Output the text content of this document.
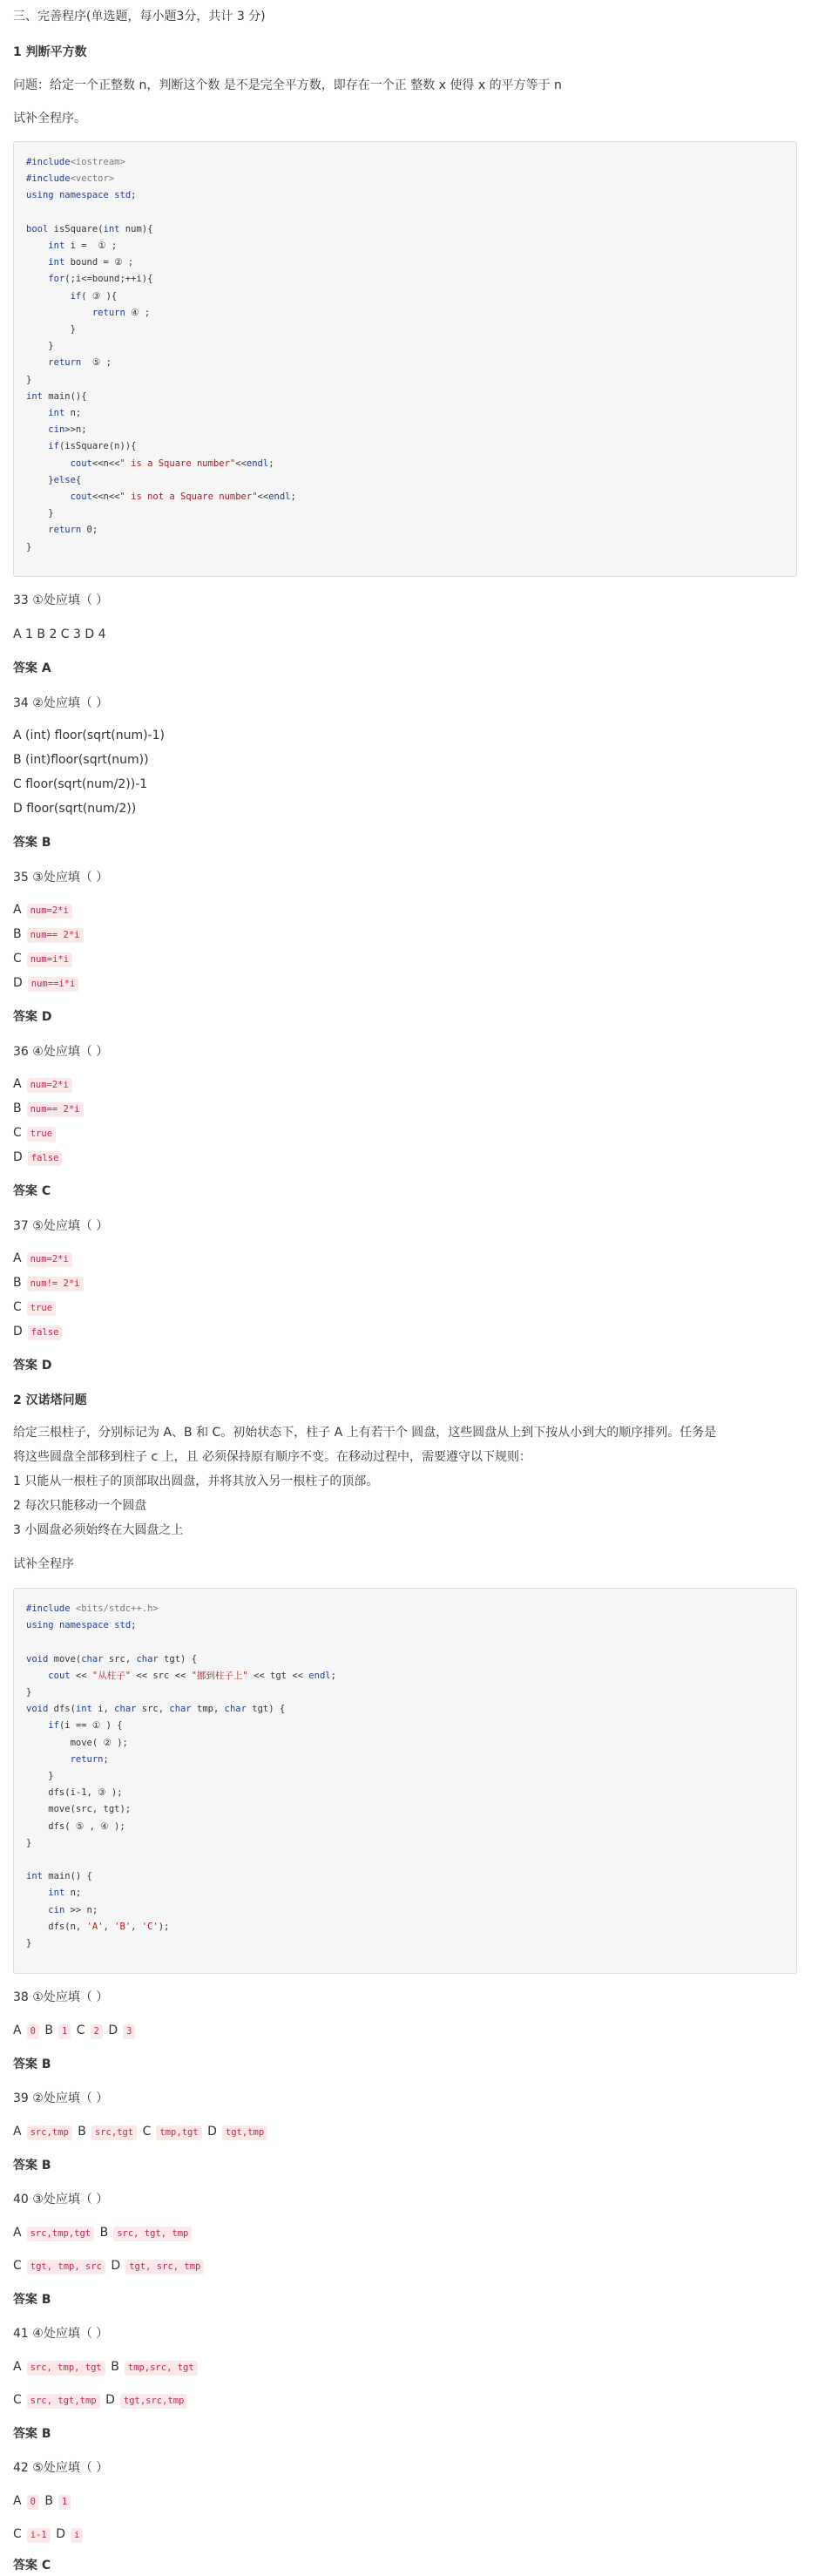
三、完善程序(单选题，每小题3分，共计 3 分)
1 判断平方数
问题：给定一个正整数 n，判断这个数 是不是完全平方数，即存在一个正 整数 x 使得 x 的平方等于 n
试补全程序。
#include<iostream>
#include<vector>
using namespace std;

bool isSquare(int num){
int i =  ① ;
int bound = ② ;
for(;i<=bound;++i){
if( ③ ){
return ④ ;
}
}
return  ⑤ ;
}
int main(){
int n;
cin>>n;
if(isSquare(n)){
cout<<n<<" is a Square number"<<endl;
}else{
cout<<n<<" is not a Square number"<<endl;
}
return 0;
}
33 ①处应填（ ）
A 1 B 2 C 3 D 4
答案 A
34 ②处应填（ ）
A (int) floor(sqrt(num)-1)
B (int)floor(sqrt(num))
C floor(sqrt(num/2))-1
D floor(sqrt(num/2))
答案 B
35 ③处应填（ ）
A num=2*i
B num== 2*i
C num=i*i
D num==i*i
答案 D
36 ④处应填（ ）
A num=2*i
B num== 2*i
C true
D false
答案 C
37 ⑤处应填（ ）
A num=2*i
B num!= 2*i
C true
D false
答案 D
2 汉诺塔问题
给定三根柱子，分别标记为 A、B 和 C。初始状态下，柱子 A 上有若干个 圆盘，这些圆盘从上到下按从小到大的顺序排列。任务是
将这些圆盘全部移到柱子 c 上，且 必须保持原有顺序不变。在移动过程中，需要遵守以下规则：
1 只能从一根柱子的顶部取出圆盘，并将其放入另一根柱子的顶部。
2 每次只能移动一个圆盘
3 小圆盘必须始终在大圆盘之上
试补全程序
#include <bits/stdc++.h>
using namespace std;

void move(char src, char tgt) {
cout << "从柱子" << src << "挪到柱子上" << tgt << endl;
}
void dfs(int i, char src, char tmp, char tgt) {
if(i == ① ) {
move( ② );
return;
}
dfs(i-1, ③ );
move(src, tgt);
dfs( ⑤ , ④ );
}

int main() {
int n;
cin >> n;
dfs(n, 'A', 'B', 'C');
}
38 ①处应填（ ）
A 0 B 1 C 2 D 3
答案 B
39 ②处应填（ ）
A src,tmp B src,tgt C tmp,tgt D tgt,tmp
答案 B
40 ③处应填（ ）
A src,tmp,tgt B src, tgt, tmp
C tgt, tmp, src D tgt, src, tmp
答案 B
41 ④处应填（ ）
A src, tmp, tgt B tmp,src, tgt
C src, tgt,tmp D tgt,src,tmp
答案 B
42 ⑤处应填（ ）
A 0 B 1
C i-1 D i
答案 C
